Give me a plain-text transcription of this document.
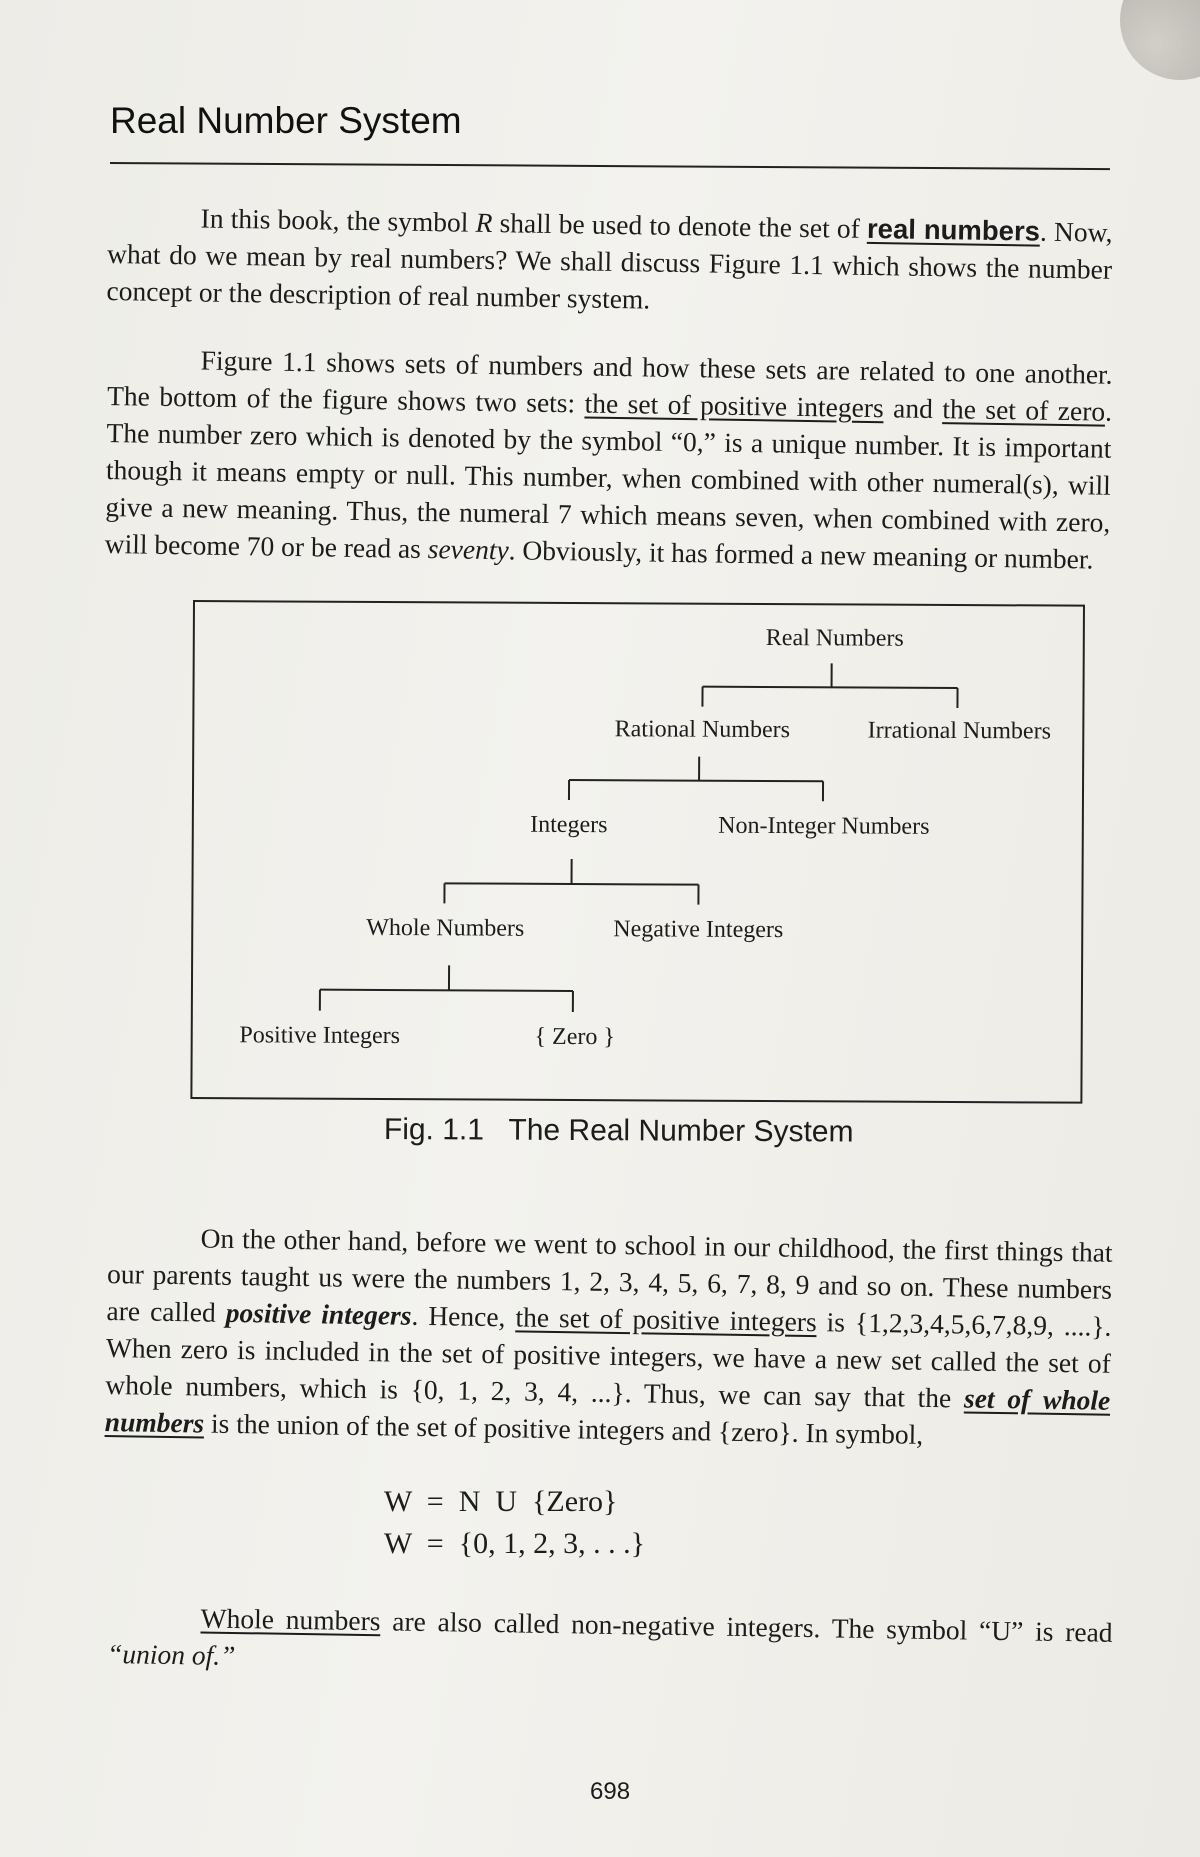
Real Number System

In this book, the symbol R shall be used to denote the set of real numbers. Now, what do we mean by real numbers? We shall discuss Figure 1.1 which shows the number concept or the description of real number system.

Figure 1.1 shows sets of numbers and how these sets are related to one another. The bottom of the figure shows two sets: the set of positive integers and the set of zero. The number zero which is denoted by the symbol “0,” is a unique number. It is important though it means empty or null. This number, when combined with other numeral(s), will give a new meaning. Thus, the numeral 7 which means seven, when combined with zero, will become 70 or be read as seventy. Obviously, it has formed a new meaning or number.

Real Numbers
Rational Numbers	Irrational Numbers
Integers	Non-Integer Numbers
Whole Numbers	Negative Integers
Positive Integers	{ Zero }
Fig. 1.1   The Real Number System

On the other hand, before we went to school in our childhood, the first things that our parents taught us were the numbers 1, 2, 3, 4, 5, 6, 7, 8, 9 and so on. These numbers are called positive integers. Hence, the set of positive integers is {1,2,3,4,5,6,7,8,9, ....}. When zero is included in the set of positive integers, we have a new set called the set of whole numbers, which is {0, 1, 2, 3, 4, ...}. Thus, we can say that the set of whole numbers is the union of the set of positive integers and {zero}. In symbol,

W  =  N  U  {Zero}
W  =  {0, 1, 2, 3, . . .}

Whole numbers are also called non-negative integers. The symbol “U” is read “union of.”

698
